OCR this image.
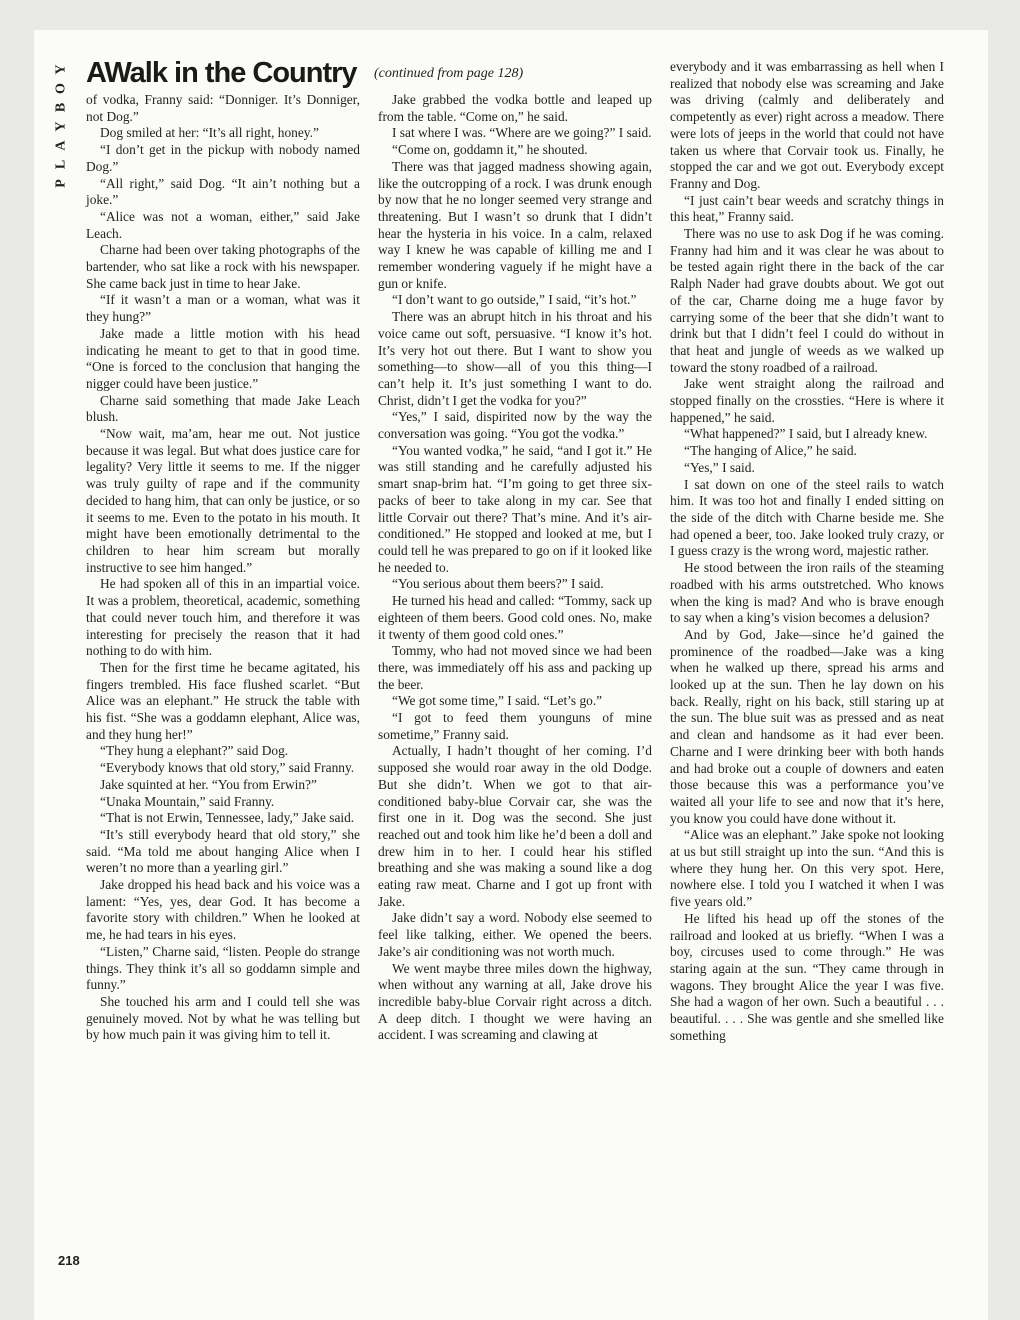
Y
O
B
Y
A
L
P
AWalk in the Country (continued from page 128)

of vodka, Franny said: “Donniger. It’s Donniger, not Dog.”

Dog smiled at her: “It’s all right, honey.”

“I don’t get in the pickup with nobody named Dog.”

“All right,” said Dog. “It ain’t nothing but a joke.”

“Alice was not a woman, either,” said Jake Leach.

Charne had been over taking photographs of the bartender, who sat like a rock with his newspaper. She came back just in time to hear Jake.

“If it wasn’t a man or a woman, what was it they hung?”

Jake made a little motion with his head indicating he meant to get to that in good time. “One is forced to the conclusion that hanging the nigger could have been justice.”

Charne said something that made Jake Leach blush.

“Now wait, ma’am, hear me out. Not justice because it was legal. But what does justice care for legality? Very little it seems to me. If the nigger was truly guilty of rape and if the community decided to hang him, that can only be justice, or so it seems to me. Even to the potato in his mouth. It might have been emotionally detrimental to the children to hear him scream but morally instructive to see him hanged.”

He had spoken all of this in an impartial voice. It was a problem, theoretical, academic, something that could never touch him, and therefore it was interesting for precisely the reason that it had nothing to do with him.

Then for the first time he became agitated, his fingers trembled. His face flushed scarlet. “But Alice was an elephant.” He struck the table with his fist. “She was a goddamn elephant, Alice was, and they hung her!”

“They hung a elephant?” said Dog.

“Everybody knows that old story,” said Franny.

Jake squinted at her. “You from Erwin?”

“Unaka Mountain,” said Franny.

“That is not Erwin, Tennessee, lady,” Jake said.

“It’s still everybody heard that old story,” she said. “Ma told me about hanging Alice when I weren’t no more than a yearling girl.”

Jake dropped his head back and his voice was a lament: “Yes, yes, dear God. It has become a favorite story with children.” When he looked at me, he had tears in his eyes.

“Listen,” Charne said, “listen. People do strange things. They think it’s all so goddamn simple and funny.”

She touched his arm and I could tell she was genuinely moved. Not by what he was telling but by how much pain it was giving him to tell it.

Jake grabbed the vodka bottle and leaped up from the table. “Come on,” he said.

I sat where I was. “Where are we going?” I said.

“Come on, goddamn it,” he shouted.

There was that jagged madness showing again, like the outcropping of a rock. I was drunk enough by now that he no longer seemed very strange and threatening. But I wasn’t so drunk that I didn’t hear the hysteria in his voice. In a calm, relaxed way I knew he was capable of killing me and I remember wondering vaguely if he might have a gun or knife.

“I don’t want to go outside,” I said, “it’s hot.”

There was an abrupt hitch in his throat and his voice came out soft, persuasive. “I know it’s hot. It’s very hot out there. But I want to show you something—to show—all of you this thing—I can’t help it. It’s just something I want to do. Christ, didn’t I get the vodka for you?”

“Yes,” I said, dispirited now by the way the conversation was going. “You got the vodka.”

“You wanted vodka,” he said, “and I got it.” He was still standing and he carefully adjusted his smart snap-brim hat. “I’m going to get three six-packs of beer to take along in my car. See that little Corvair out there? That’s mine. And it’s air-conditioned.” He stopped and looked at me, but I could tell he was prepared to go on if it looked like he needed to.

“You serious about them beers?” I said.

He turned his head and called: “Tommy, sack up eighteen of them beers. Good cold ones. No, make it twenty of them good cold ones.”

Tommy, who had not moved since we had been there, was immediately off his ass and packing up the beer.

“We got some time,” I said. “Let’s go.”

“I got to feed them younguns of mine sometime,” Franny said.

Actually, I hadn’t thought of her coming. I’d supposed she would roar away in the old Dodge. But she didn’t. When we got to that air-conditioned baby-blue Corvair car, she was the first one in it. Dog was the second. She just reached out and took him like he’d been a doll and drew him in to her. I could hear his stifled breathing and she was making a sound like a dog eating raw meat. Charne and I got up front with Jake.

Jake didn’t say a word. Nobody else seemed to feel like talking, either. We opened the beers. Jake’s air conditioning was not worth much.

We went maybe three miles down the highway, when without any warning at all, Jake drove his incredible baby-blue Corvair right across a ditch. A deep ditch. I thought we were having an accident. I was screaming and clawing at

everybody and it was embarrassing as hell when I realized that nobody else was screaming and Jake was driving (calmly and deliberately and competently as ever) right across a meadow. There were lots of jeeps in the world that could not have taken us where that Corvair took us. Finally, he stopped the car and we got out. Everybody except Franny and Dog.

“I just cain’t bear weeds and scratchy things in this heat,” Franny said.

There was no use to ask Dog if he was coming. Franny had him and it was clear he was about to be tested again right there in the back of the car Ralph Nader had grave doubts about. We got out of the car, Charne doing me a huge favor by carrying some of the beer that she didn’t want to drink but that I didn’t feel I could do without in that heat and jungle of weeds as we walked up toward the stony roadbed of a railroad.

Jake went straight along the railroad and stopped finally on the crossties. “Here is where it happened,” he said.

“What happened?” I said, but I already knew.

“The hanging of Alice,” he said.

“Yes,” I said.

I sat down on one of the steel rails to watch him. It was too hot and finally I ended sitting on the side of the ditch with Charne beside me. She had opened a beer, too. Jake looked truly crazy, or I guess crazy is the wrong word, majestic rather.

He stood between the iron rails of the steaming roadbed with his arms outstretched. Who knows when the king is mad? And who is brave enough to say when a king’s vision becomes a delusion?

And by God, Jake—since he’d gained the prominence of the roadbed—Jake was a king when he walked up there, spread his arms and looked up at the sun. Then he lay down on his back. Really, right on his back, still staring up at the sun. The blue suit was as pressed and as neat and clean and handsome as it had ever been. Charne and I were drinking beer with both hands and had broke out a couple of downers and eaten those because this was a performance you’ve waited all your life to see and now that it’s here, you know you could have done without it.

“Alice was an elephant.” Jake spoke not looking at us but still straight up into the sun. “And this is where they hung her. On this very spot. Here, nowhere else. I told you I watched it when I was five years old.”

He lifted his head up off the stones of the railroad and looked at us briefly. “When I was a boy, circuses used to come through.” He was staring again at the sun. “They came through in wagons. They brought Alice the year I was five. She had a wagon of her own. Such a beautiful . . . beautiful. . . . She was gentle and she smelled like something

218
